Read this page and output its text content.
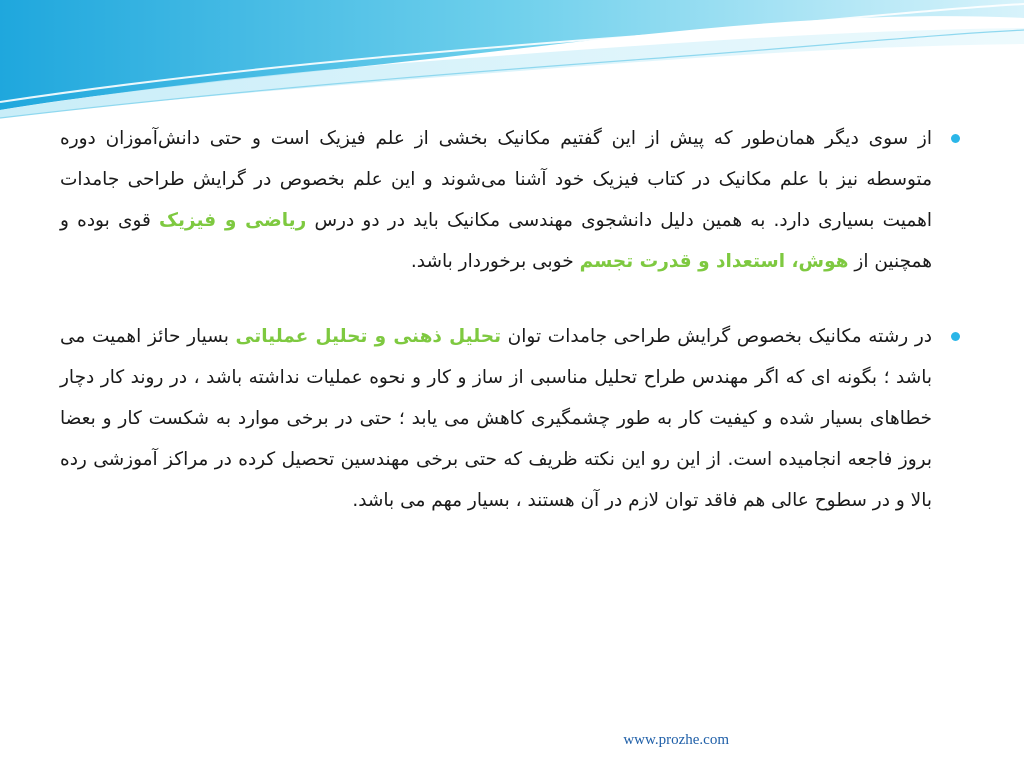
از سوی دیگر همان‌طور که پیش از این گفتیم مکانیک بخشی از علم فیزیک است و حتی دانش‌آموزان دوره متوسطه نیز با علم مکانیک در کتاب فیزیک خود آشنا می‌شوند و این علم بخصوص در گرایش طراحی جامدات اهمیت بسیاری دارد. به همین دلیل دانشجوی مهندسی مکانیک باید در دو درس ریاضی و فیزیک قوی بوده و همچنین از هوش، استعداد و قدرت تجسم خوبی برخوردار باشد.

در رشته مکانیک بخصوص گرایش طراحی جامدات توان تحلیل ذهنی و تحلیل عملیاتی بسیار حائز اهمیت می باشد ؛ بگونه ای که اگر مهندس طراح تحلیل مناسبی از ساز و کار و نحوه عملیات نداشته باشد ، در روند کار دچار خطاهای بسیار شده و کیفیت کار به طور چشمگیری کاهش می یابد ؛ حتی در برخی موارد به شکست کار و بعضا بروز فاجعه انجامیده است. از این رو این نکته ظریف که حتی برخی مهندسین تحصیل کرده در مراکز آموزشی رده بالا و در سطوح عالی هم فاقد توان لازم در آن هستند ، بسیار مهم می باشد.

www.prozhe.com
